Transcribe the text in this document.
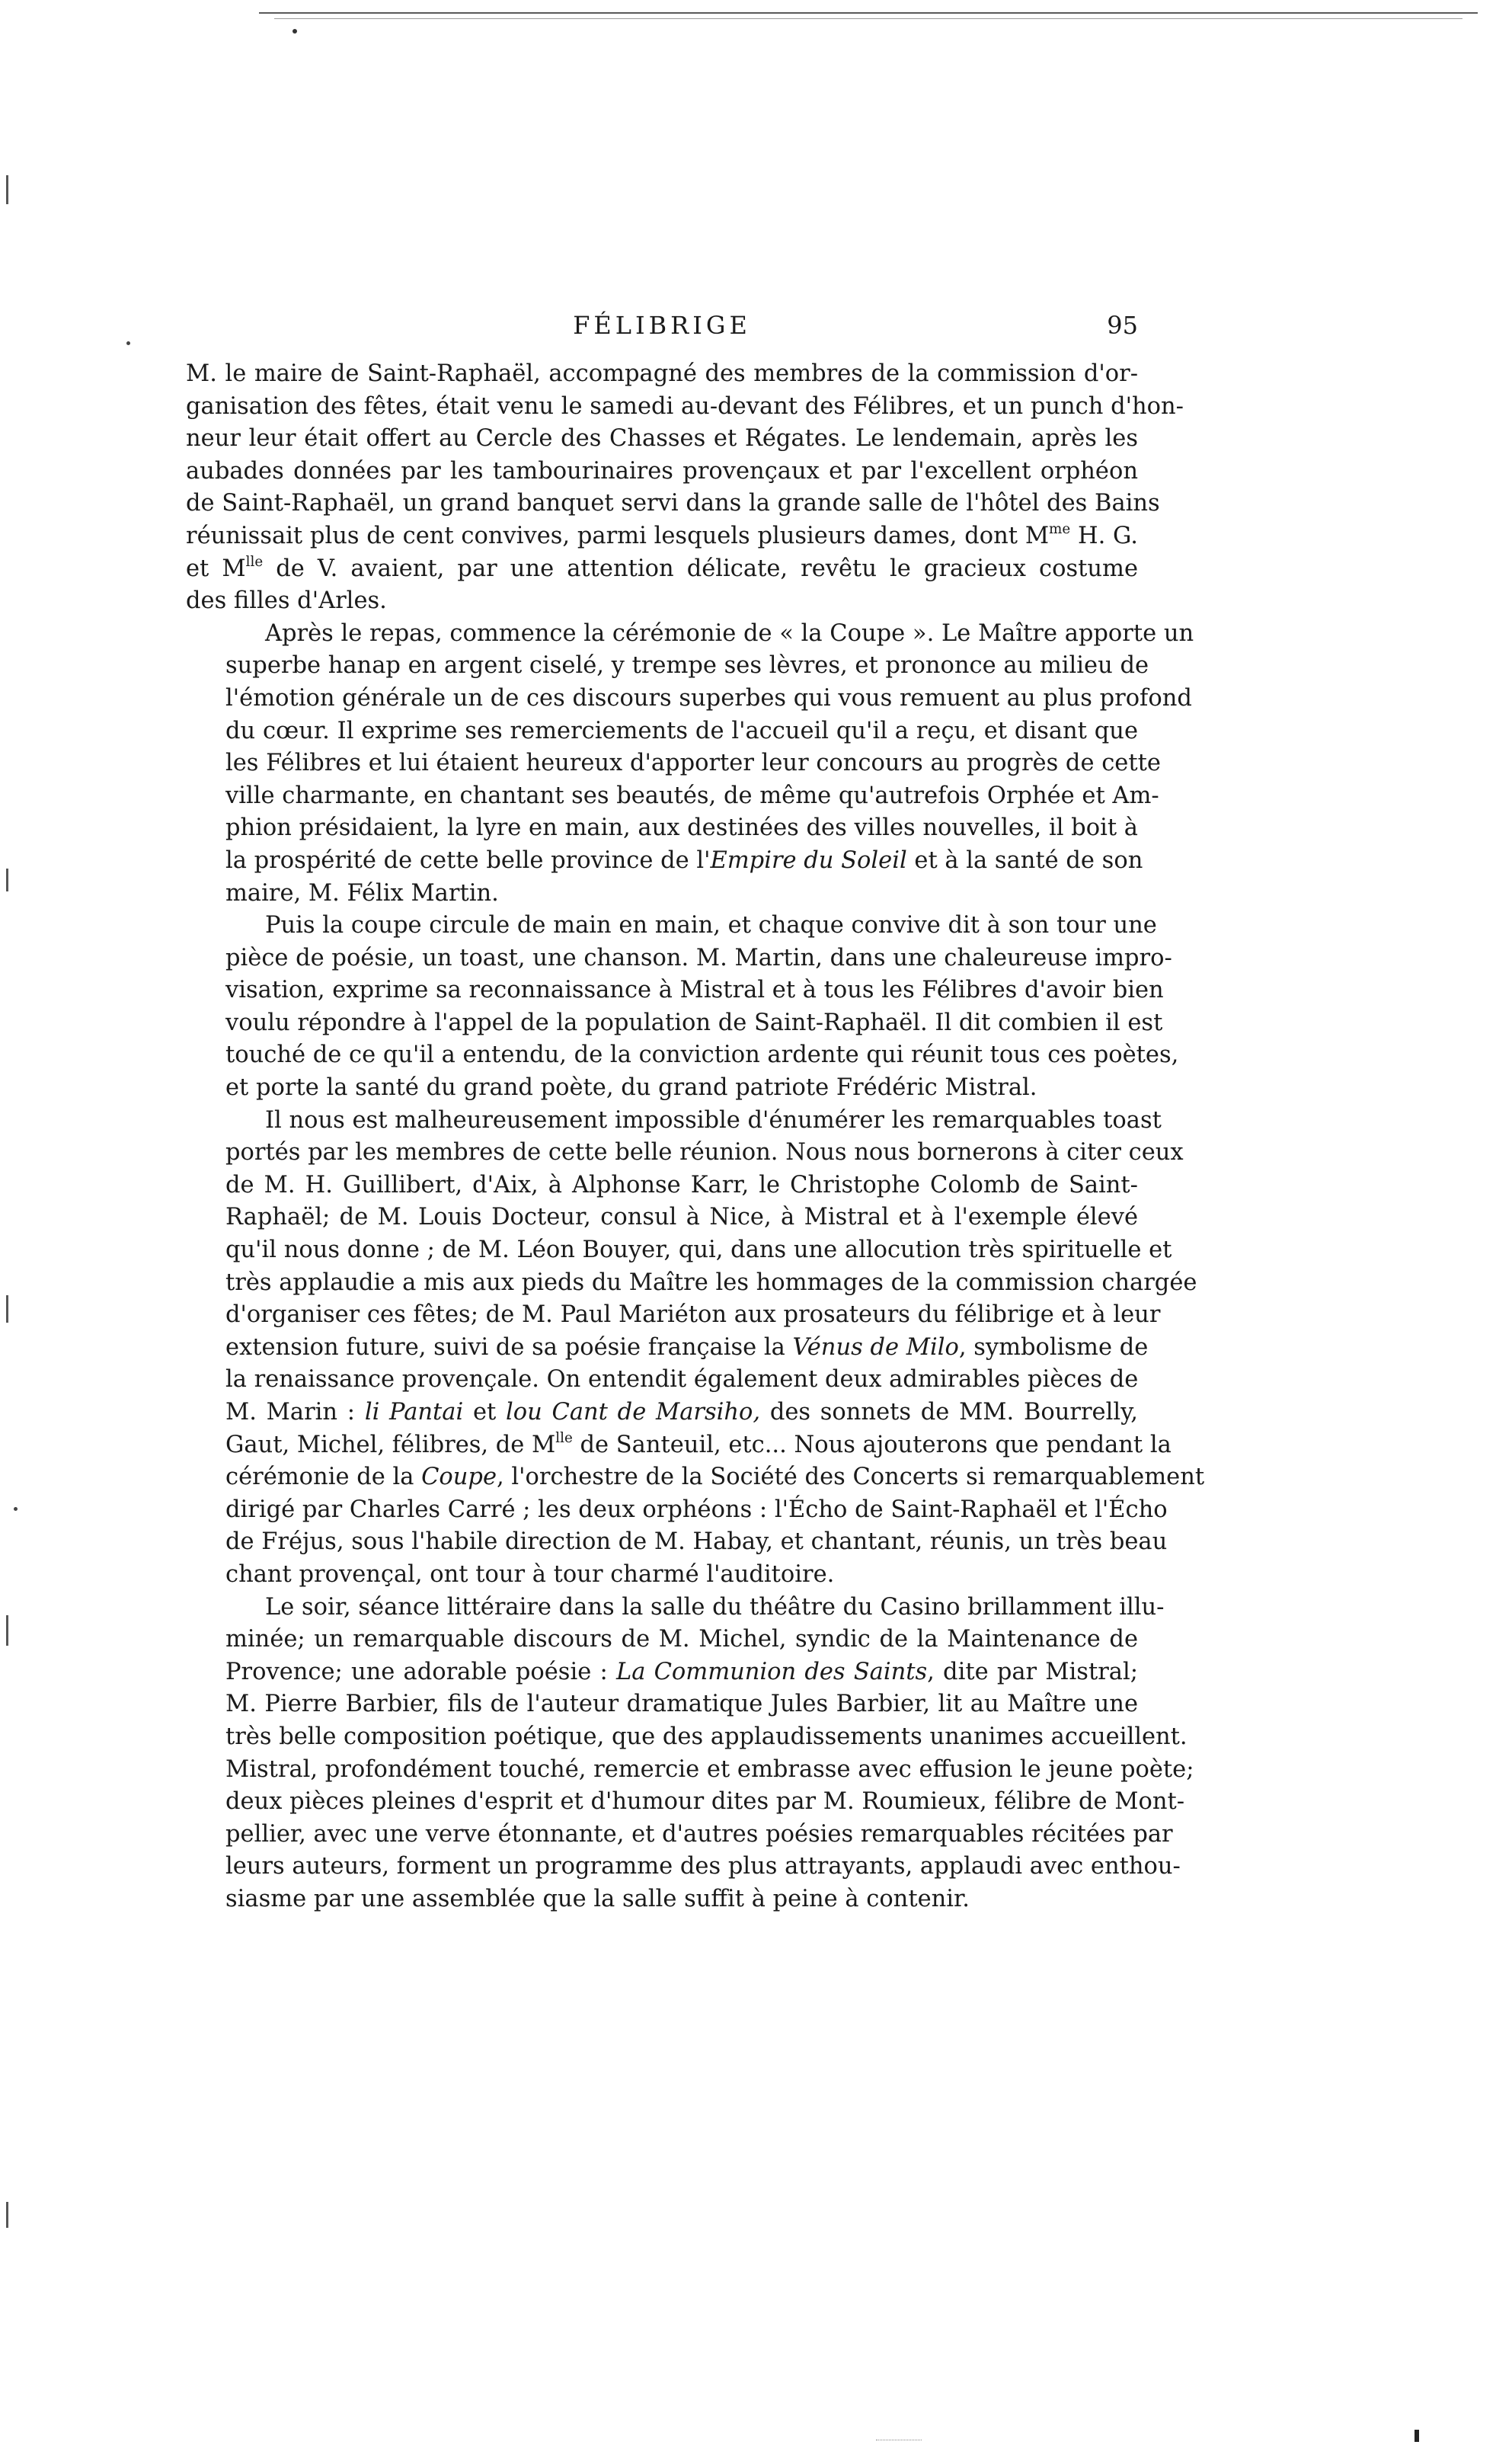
FÉLIBRIGE	95

M. le maire de Saint-Raphaël, accompagné des membres de la commission d'or-
ganisation des fêtes, était venu le samedi au-devant des Félibres, et un punch d'hon-
neur leur était offert au Cercle des Chasses et Régates. Le lendemain, après les
aubades données par les tambourinaires provençaux et par l'excellent orphéon
de Saint-Raphaël, un grand banquet servi dans la grande salle de l'hôtel des Bains
réunissait plus de cent convives, parmi lesquels plusieurs dames, dont $M^{me}$ H. G.
et $M^{lle}$ de V. avaient, par une attention délicate, revêtu le gracieux costume
des filles d'Arles.

Après le repas, commence la cérémonie de « la Coupe ». Le Maître apporte un
superbe hanap en argent ciselé, y trempe ses lèvres, et prononce au milieu de
l'émotion générale un de ces discours superbes qui vous remuent au plus profond
du cœur. Il exprime ses remerciements de l'accueil qu'il a reçu, et disant que
les Félibres et lui étaient heureux d'apporter leur concours au progrès de cette
ville charmante, en chantant ses beautés, de même qu'autrefois Orphée et Am-
phion présidaient, la lyre en main, aux destinées des villes nouvelles, il boit à
la prospérité de cette belle province de l'Empire du Soleil et à la santé de son
maire, M. Félix Martin.

Puis la coupe circule de main en main, et chaque convive dit à son tour une
pièce de poésie, un toast, une chanson. M. Martin, dans une chaleureuse impro-
visation, exprime sa reconnaissance à Mistral et à tous les Félibres d'avoir bien
voulu répondre à l'appel de la population de Saint-Raphaël. Il dit combien il est
touché de ce qu'il a entendu, de la conviction ardente qui réunit tous ces poètes,
et porte la santé du grand poète, du grand patriote Frédéric Mistral.

Il nous est malheureusement impossible d'énumérer les remarquables toast
portés par les membres de cette belle réunion. Nous nous bornerons à citer ceux
de M. H. Guillibert, d'Aix, à Alphonse Karr, le Christophe Colomb de Saint-
Raphaël; de M. Louis Docteur, consul à Nice, à Mistral et à l'exemple élevé
qu'il nous donne ; de M. Léon Bouyer, qui, dans une allocution très spirituelle et
très applaudie a mis aux pieds du Maître les hommages de la commission chargée
d'organiser ces fêtes; de M. Paul Mariéton aux prosateurs du félibrige et à leur
extension future, suivi de sa poésie française la Vénus de Milo, symbolisme de
la renaissance provençale. On entendit également deux admirables pièces de
M. Marin : li Pantai et lou Cant de Marsiho, des sonnets de MM. Bourrelly,
Gaut, Michel, félibres, de $M^{lle}$ de Santeuil, etc... Nous ajouterons que pendant la
cérémonie de la Coupe, l'orchestre de la Société des Concerts si remarquablement
dirigé par Charles Carré ; les deux orphéons : l'Écho de Saint-Raphaël et l'Écho
de Fréjus, sous l'habile direction de M. Habay, et chantant, réunis, un très beau
chant provençal, ont tour à tour charmé l'auditoire.

Le soir, séance littéraire dans la salle du théâtre du Casino brillamment illu-
minée; un remarquable discours de M. Michel, syndic de la Maintenance de
Provence; une adorable poésie : La Communion des Saints, dite par Mistral;
M. Pierre Barbier, fils de l'auteur dramatique Jules Barbier, lit au Maître une
très belle composition poétique, que des applaudissements unanimes accueillent.
Mistral, profondément touché, remercie et embrasse avec effusion le jeune poète;
deux pièces pleines d'esprit et d'humour dites par M. Roumieux, félibre de Mont-
pellier, avec une verve étonnante, et d'autres poésies remarquables récitées par
leurs auteurs, forment un programme des plus attrayants, applaudi avec enthou-
siasme par une assemblée que la salle suffit à peine à contenir.
